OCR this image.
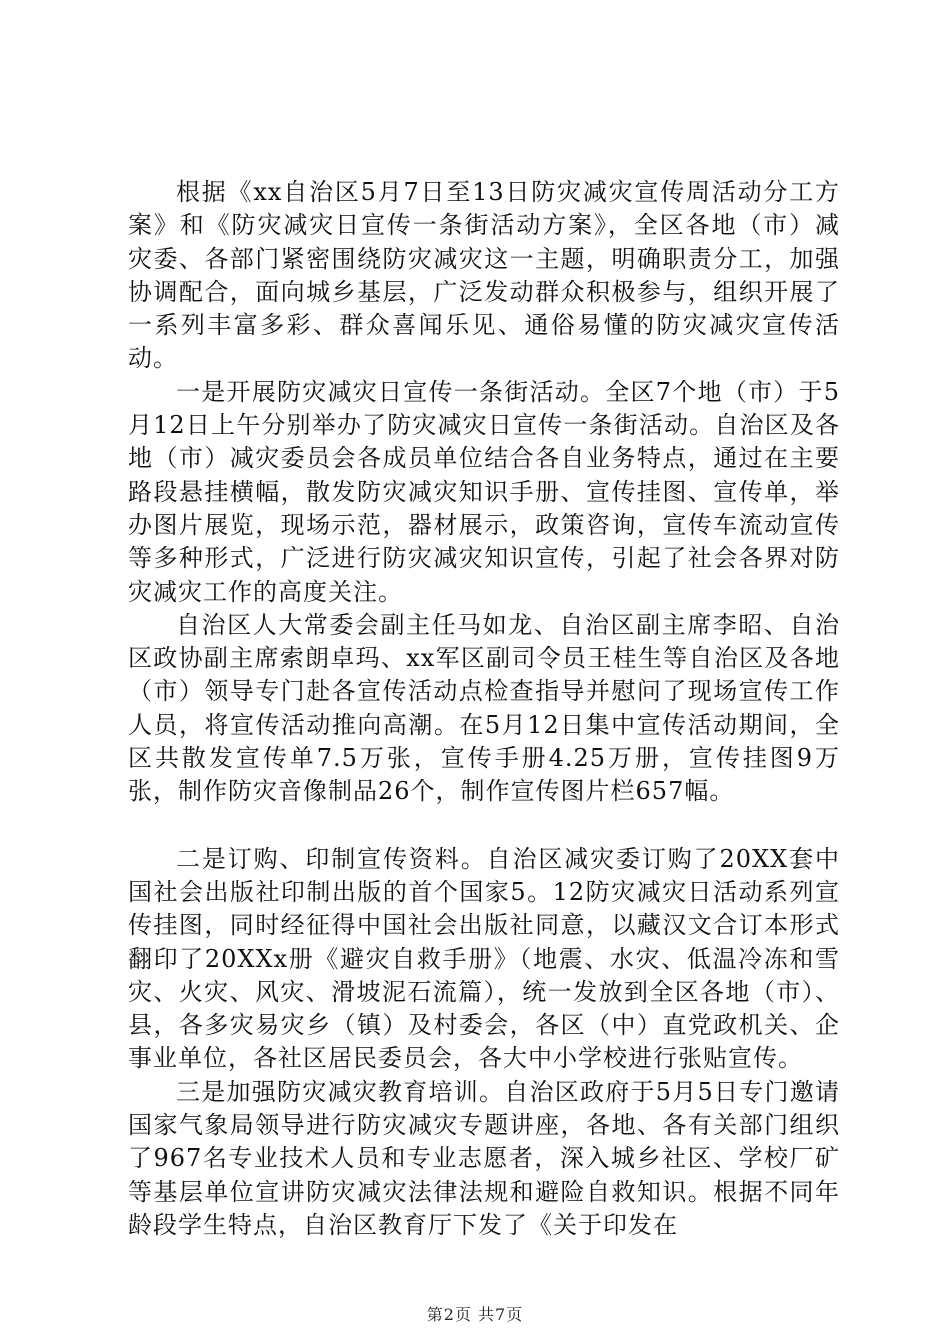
根据《xx自治区5月7日至13日防灾减灾宣传周活动分工方案》和《防灾减灾日宣传一条街活动方案》，全区各地（市）减灾委、各部门紧密围绕防灾减灾这一主题，明确职责分工，加强协调配合，面向城乡基层，广泛发动群众积极参与，组织开展了一系列丰富多彩、群众喜闻乐见、通俗易懂的防灾减灾宣传活动。

一是开展防灾减灾日宣传一条街活动。全区7个地（市）于5月12日上午分别举办了防灾减灾日宣传一条街活动。自治区及各地（市）减灾委员会各成员单位结合各自业务特点，通过在主要路段悬挂横幅，散发防灾减灾知识手册、宣传挂图、宣传单，举办图片展览，现场示范，器材展示，政策咨询，宣传车流动宣传等多种形式，广泛进行防灾减灾知识宣传，引起了社会各界对防灾减灾工作的高度关注。

自治区人大常委会副主任马如龙、自治区副主席李昭、自治区政协副主席索朗卓玛、xx军区副司令员王桂生等自治区及各地（市）领导专门赴各宣传活动点检查指导并慰问了现场宣传工作人员，将宣传活动推向高潮。在5月12日集中宣传活动期间，全区共散发宣传单7.5万张，宣传手册4.25万册，宣传挂图9万张，制作防灾音像制品26个，制作宣传图片栏657幅。

二是订购、印制宣传资料。自治区减灾委订购了20XX套中国社会出版社印制出版的首个国家5。12防灾减灾日活动系列宣传挂图，同时经征得中国社会出版社同意，以藏汉文合订本形式翻印了20XXx册《避灾自救手册》（地震、水灾、低温冷冻和雪灾、火灾、风灾、滑坡泥石流篇），统一发放到全区各地（市）、县，各多灾易灾乡（镇）及村委会，各区（中）直党政机关、企事业单位，各社区居民委员会，各大中小学校进行张贴宣传。

三是加强防灾减灾教育培训。自治区政府于5月5日专门邀请国家气象局领导进行防灾减灾专题讲座，各地、各有关部门组织了967名专业技术人员和专业志愿者，深入城乡社区、学校厂矿等基层单位宣讲防灾减灾法律法规和避险自救知识。根据不同年龄段学生特点，自治区教育厅下发了《关于印发在

第2页 共7页
